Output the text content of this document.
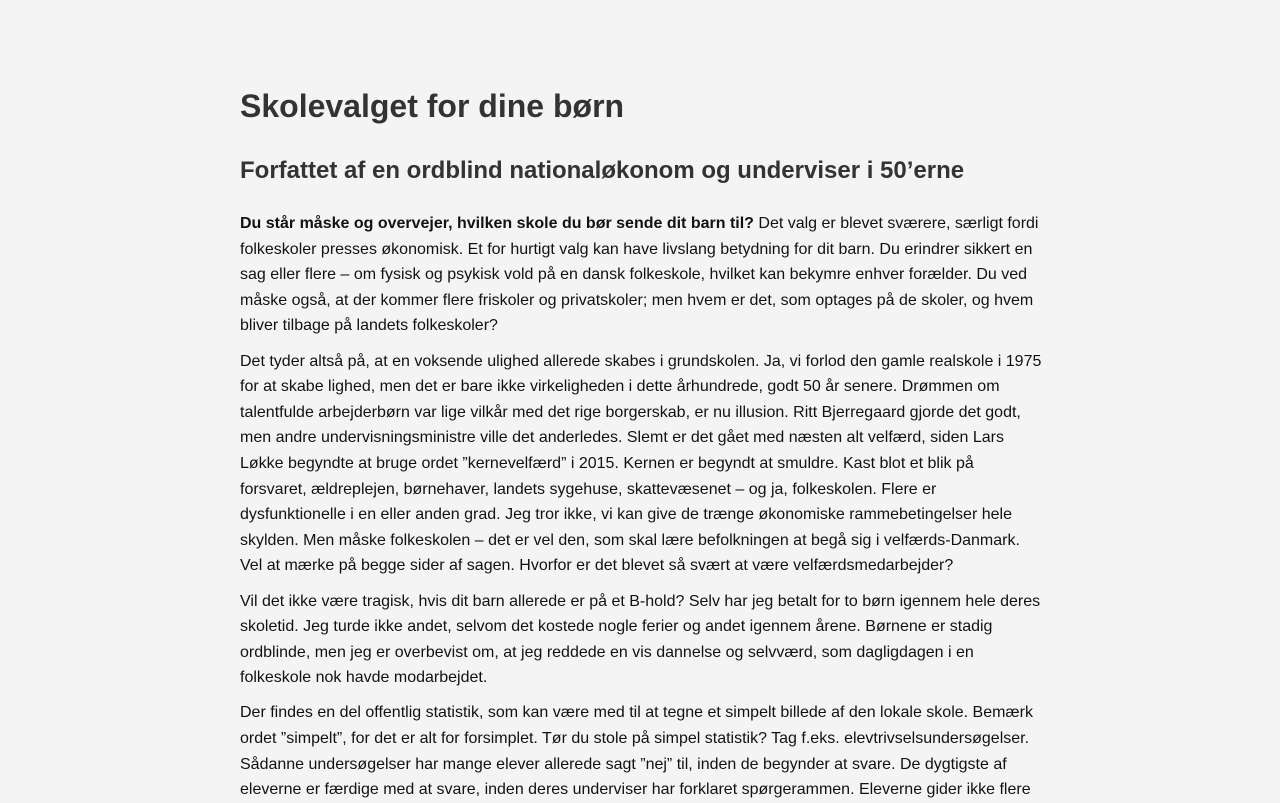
Skolevalget for dine børn
Forfattet af en ordblind nationaløkonom og underviser i 50’erne

Du står måske og overvejer, hvilken skole du bør sende dit barn til? Det valg er blevet sværere, særligt fordi folkeskoler presses økonomisk. Et for hurtigt valg kan have livslang betydning for dit barn. Du erindrer sikkert en sag eller flere – om fysisk og psykisk vold på en dansk folkeskole, hvilket kan bekymre enhver forælder. Du ved måske også, at der kommer flere friskoler og privatskoler; men hvem er det, som optages på de skoler, og hvem bliver tilbage på landets folkeskoler?

Det tyder altså på, at en voksende ulighed allerede skabes i grundskolen. Ja, vi forlod den gamle realskole i 1975 for at skabe lighed, men det er bare ikke virkeligheden i dette århundrede, godt 50 år senere. Drømmen om talentfulde arbejderbørn var lige vilkår med det rige borgerskab, er nu illusion. Ritt Bjerregaard gjorde det godt, men andre undervisningsministre ville det anderledes. Slemt er det gået med næsten alt velfærd, siden Lars Løkke begyndte at bruge ordet ”kernevelfærd” i 2015. Kernen er begyndt at smuldre. Kast blot et blik på forsvaret, ældreplejen, børnehaver, landets sygehuse, skattevæsenet – og ja, folkeskolen. Flere er dysfunktionelle i en eller anden grad. Jeg tror ikke, vi kan give de trænge økonomiske rammebetingelser hele skylden. Men måske folkeskolen – det er vel den, som skal lære befolkningen at begå sig i velfærds-Danmark. Vel at mærke på begge sider af sagen. Hvorfor er det blevet så svært at være velfærdsmedarbejder?

Vil det ikke være tragisk, hvis dit barn allerede er på et B-hold? Selv har jeg betalt for to børn igennem hele deres skoletid. Jeg turde ikke andet, selvom det kostede nogle ferier og andet igennem årene. Børnene er stadig ordblinde, men jeg er overbevist om, at jeg reddede en vis dannelse og selvværd, som dagligdagen i en folkeskole nok havde modarbejdet.

Der findes en del offentlig statistik, som kan være med til at tegne et simpelt billede af den lokale skole. Bemærk ordet ”simpelt”, for det er alt for forsimplet. Tør du stole på simpel statistik? Tag f.eks. elevtrivselsundersøgelser. Sådanne undersøgelser har mange elever allerede sagt ”nej” til, inden de begynder at svare. De dygtigste af eleverne er færdige med at svare, inden deres underviser har forklaret spørgerammen. Eleverne gider ikke flere
